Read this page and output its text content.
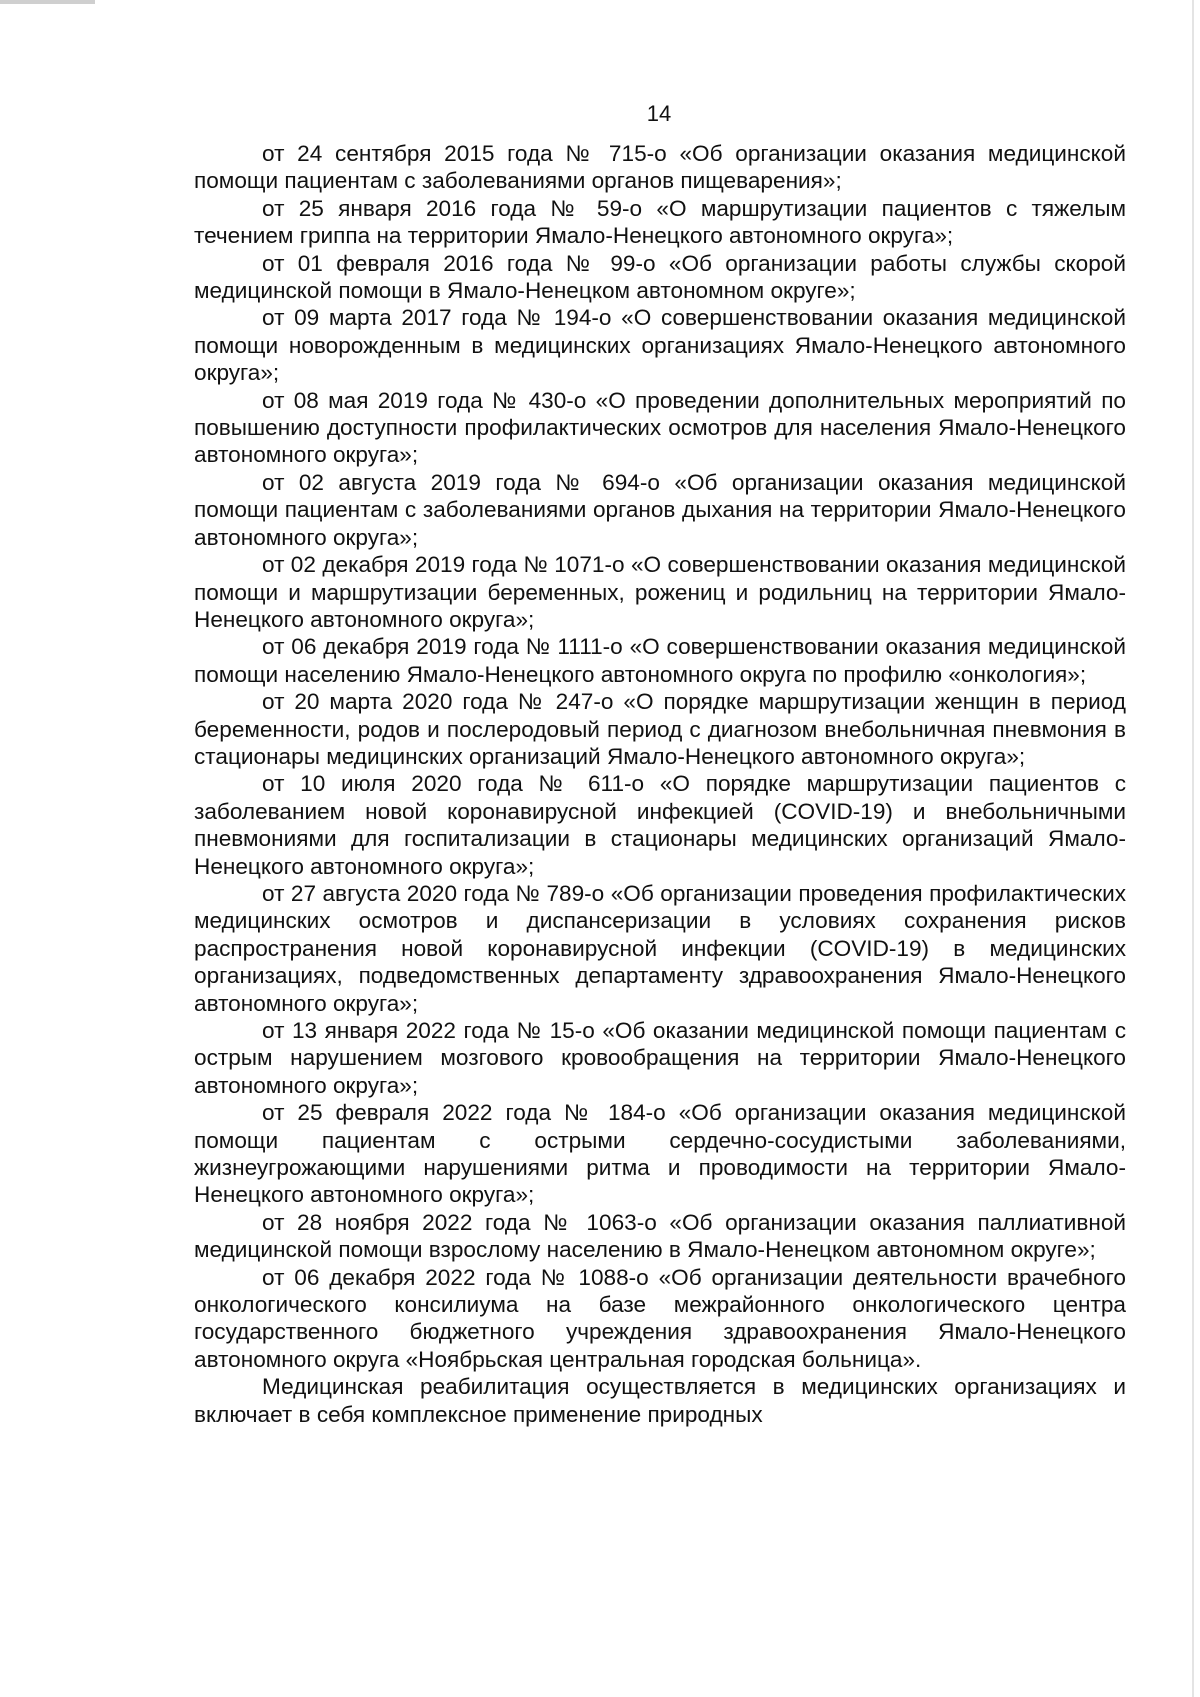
14

от 24 сентября 2015 года № 715-о «Об организации оказания медицинской помощи пациентам с заболеваниями органов пищеварения»;

от 25 января 2016 года № 59-о «О маршрутизации пациентов с тяжелым течением гриппа на территории Ямало-Ненецкого автономного округа»;

от 01 февраля 2016 года № 99-о «Об организации работы службы скорой медицинской помощи в Ямало-Ненецком автономном округе»;

от 09 марта 2017 года № 194-о «О совершенствовании оказания медицинской помощи новорожденным в медицинских организациях Ямало-Ненецкого автономного округа»;

от 08 мая 2019 года № 430-о «О проведении дополнительных мероприятий по повышению доступности профилактических осмотров для населения Ямало-Ненецкого автономного округа»;

от 02 августа 2019 года № 694-о «Об организации оказания медицинской помощи пациентам с заболеваниями органов дыхания на территории Ямало-Ненецкого автономного округа»;

от 02 декабря 2019 года № 1071-о «О совершенствовании оказания медицинской помощи и маршрутизации беременных, рожениц и родильниц на территории Ямало-Ненецкого автономного округа»;

от 06 декабря 2019 года № 1111-о «О совершенствовании оказания медицинской помощи населению Ямало-Ненецкого автономного округа по профилю «онкология»;

от 20 марта 2020 года № 247-о «О порядке маршрутизации женщин в период беременности, родов и послеродовый период с диагнозом внебольничная пневмония в стационары медицинских организаций Ямало-Ненецкого автономного округа»;

от 10 июля 2020 года № 611-о «О порядке маршрутизации пациентов с заболеванием новой коронавирусной инфекцией (COVID-19) и внебольничными пневмониями для госпитализации в стационары медицинских организаций Ямало-Ненецкого автономного округа»;

от 27 августа 2020 года № 789-о «Об организации проведения профилактических медицинских осмотров и диспансеризации в условиях сохранения рисков распространения новой коронавирусной инфекции (COVID-19) в медицинских организациях, подведомственных департаменту здравоохранения Ямало-Ненецкого автономного округа»;

от 13 января 2022 года № 15-о «Об оказании медицинской помощи пациентам с острым нарушением мозгового кровообращения на территории Ямало-Ненецкого автономного округа»;

от 25 февраля 2022 года № 184-о «Об организации оказания медицинской помощи пациентам с острыми сердечно-сосудистыми заболеваниями, жизнеугрожающими нарушениями ритма и проводимости на территории Ямало-Ненецкого автономного округа»;

от 28 ноября 2022 года № 1063-о «Об организации оказания паллиативной медицинской помощи взрослому населению в Ямало-Ненецком автономном округе»;

от 06 декабря 2022 года № 1088-о «Об организации деятельности врачебного онкологического консилиума на базе межрайонного онкологического центра государственного бюджетного учреждения здравоохранения Ямало-Ненецкого автономного округа «Ноябрьская центральная городская больница».

Медицинская реабилитация осуществляется в медицинских организациях и включает в себя комплексное применение природных
